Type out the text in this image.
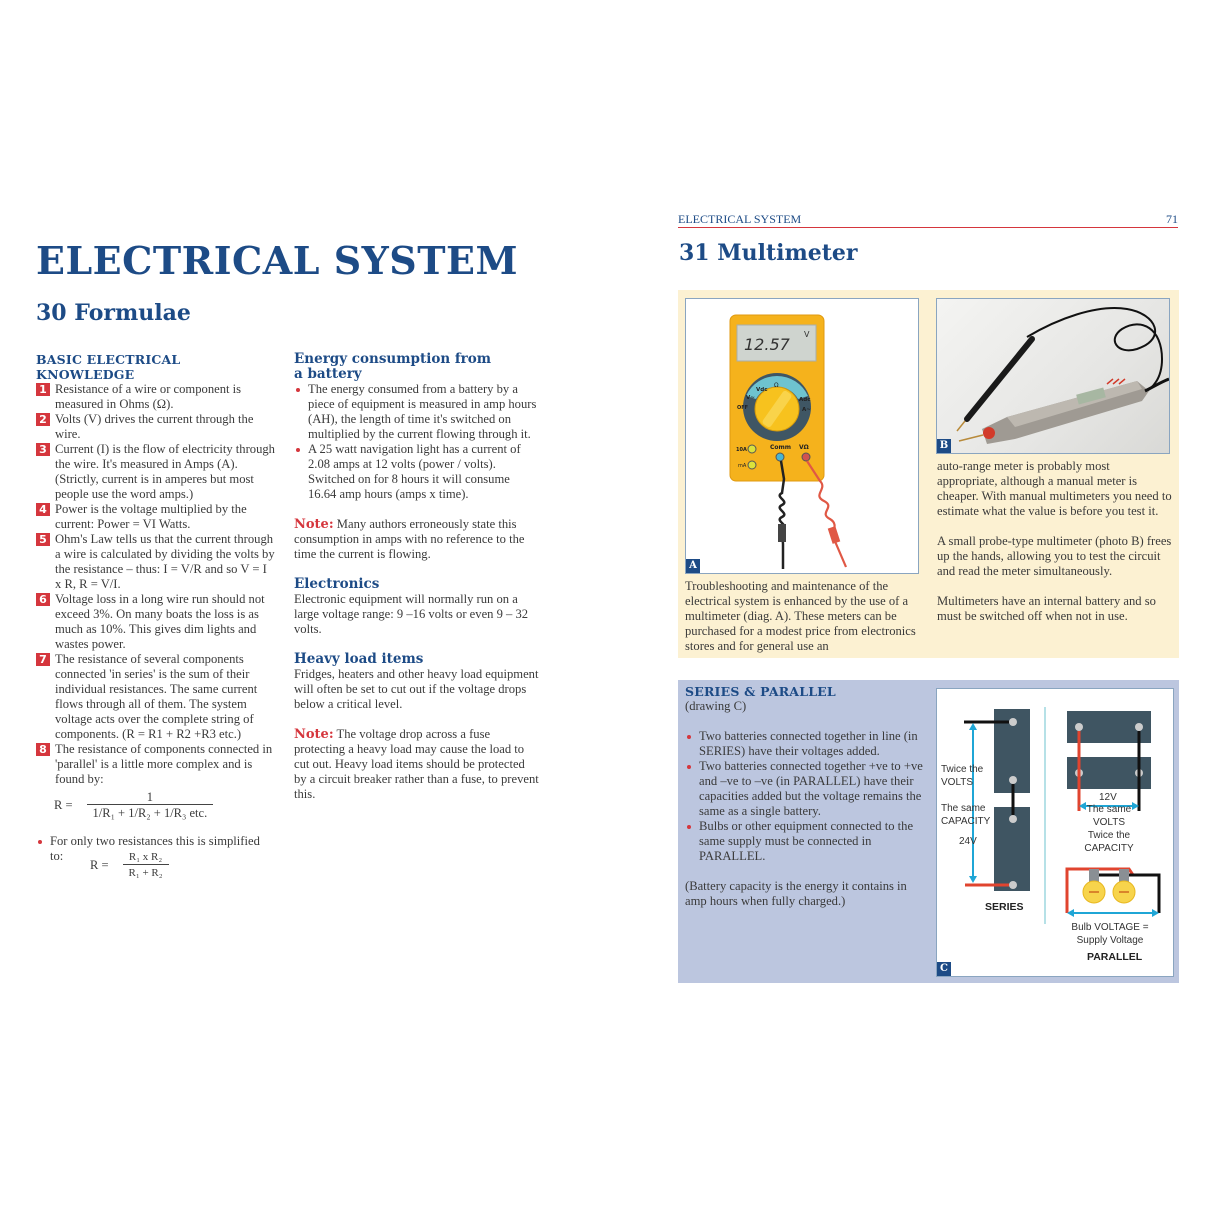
ELECTRICAL SYSTEM
30 Formulae
BASIC ELECTRICAL
KNOWLEDGE
1 Resistance of a wire or component is measured in Ohms (Ω).
2 Volts (V) drives the current through the wire.
3 Current (I) is the flow of electricity through the wire. It's measured in Amps (A). (Strictly, current is in amperes but most people use the word amps.)
4 Power is the voltage multiplied by the current: Power = VI Watts.
5 Ohm's Law tells us that the current through a wire is calculated by dividing the volts by the resistance – thus: I = V/R and so V = I x R, R = V/I.
6 Voltage loss in a long wire run should not exceed 3%. On many boats the loss is as much as 10%. This gives dim lights and wastes power.
7 The resistance of several components connected 'in series' is the sum of their individual resistances. The same current flows through all of them. The system voltage acts over the complete string of components. (R = R1 + R2 +R3 etc.)
8 The resistance of components connected in 'parallel' is a little more complex and is found by:
$R = \frac{1}{\text{1/R₁ + 1/R₂ + 1/R₃ etc.}}$
For only two resistances this is simplified to:
$R = \frac{\text{R₁ x R₂}}{\text{R₁ + R₂}}$
Energy consumption from
a battery
The energy consumed from a battery by a piece of equipment is measured in amp hours (AH), the length of time it's switched on multiplied by the current flowing through it.
A 25 watt navigation light has a current of 2.08 amps at 12 volts (power / volts). Switched on for 8 hours it will consume 16.64 amp hours (amps x time).
Note: Many authors erroneously state this consumption in amps with no reference to the time the current is flowing.
Electronics
Electronic equipment will normally run on a large voltage range: 9 –16 volts or even 9 – 32 volts.
Heavy load items
Fridges, heaters and other heavy load equipment will often be set to cut out if the voltage drops below a critical level.
Note: The voltage drop across a fuse protecting a heavy load may cause the load to cut out. Heavy load items should be protected by a circuit breaker rather than a fuse, to prevent this.
ELECTRICAL SYSTEM	71
31 Multimeter
12.57
V
Vdc
V~
OFF
Ω
Adc
A~
10A
mA
Comm VΩ
A
B
Troubleshooting and maintenance of the electrical system is enhanced by the use of a multimeter (diag. A). These meters can be purchased for a modest price from electronics stores and for general use an
auto-range meter is probably most appropriate, although a manual meter is cheaper. With manual multimeters you need to estimate what the value is before you test it.
A small probe-type multimeter (photo B) frees up the hands, allowing you to test the circuit and read the meter simultaneously.
Multimeters have an internal battery and so must be switched off when not in use.
SERIES & PARALLEL
(drawing C)
Two batteries connected together in line (in SERIES) have their voltages added.
Two batteries connected together +ve to +ve and –ve to –ve (in PARALLEL) have their capacities added but the voltage remains the same as a single battery.
Bulbs or other equipment connected to the same supply must be connected in PARALLEL.
(Battery capacity is the energy it contains in amp hours when fully charged.)
Twice the
VOLTS
The same
CAPACITY
24V
SERIES
12V
The same
VOLTS
Twice the
CAPACITY
Bulb VOLTAGE =
Supply Voltage
PARALLEL
C
